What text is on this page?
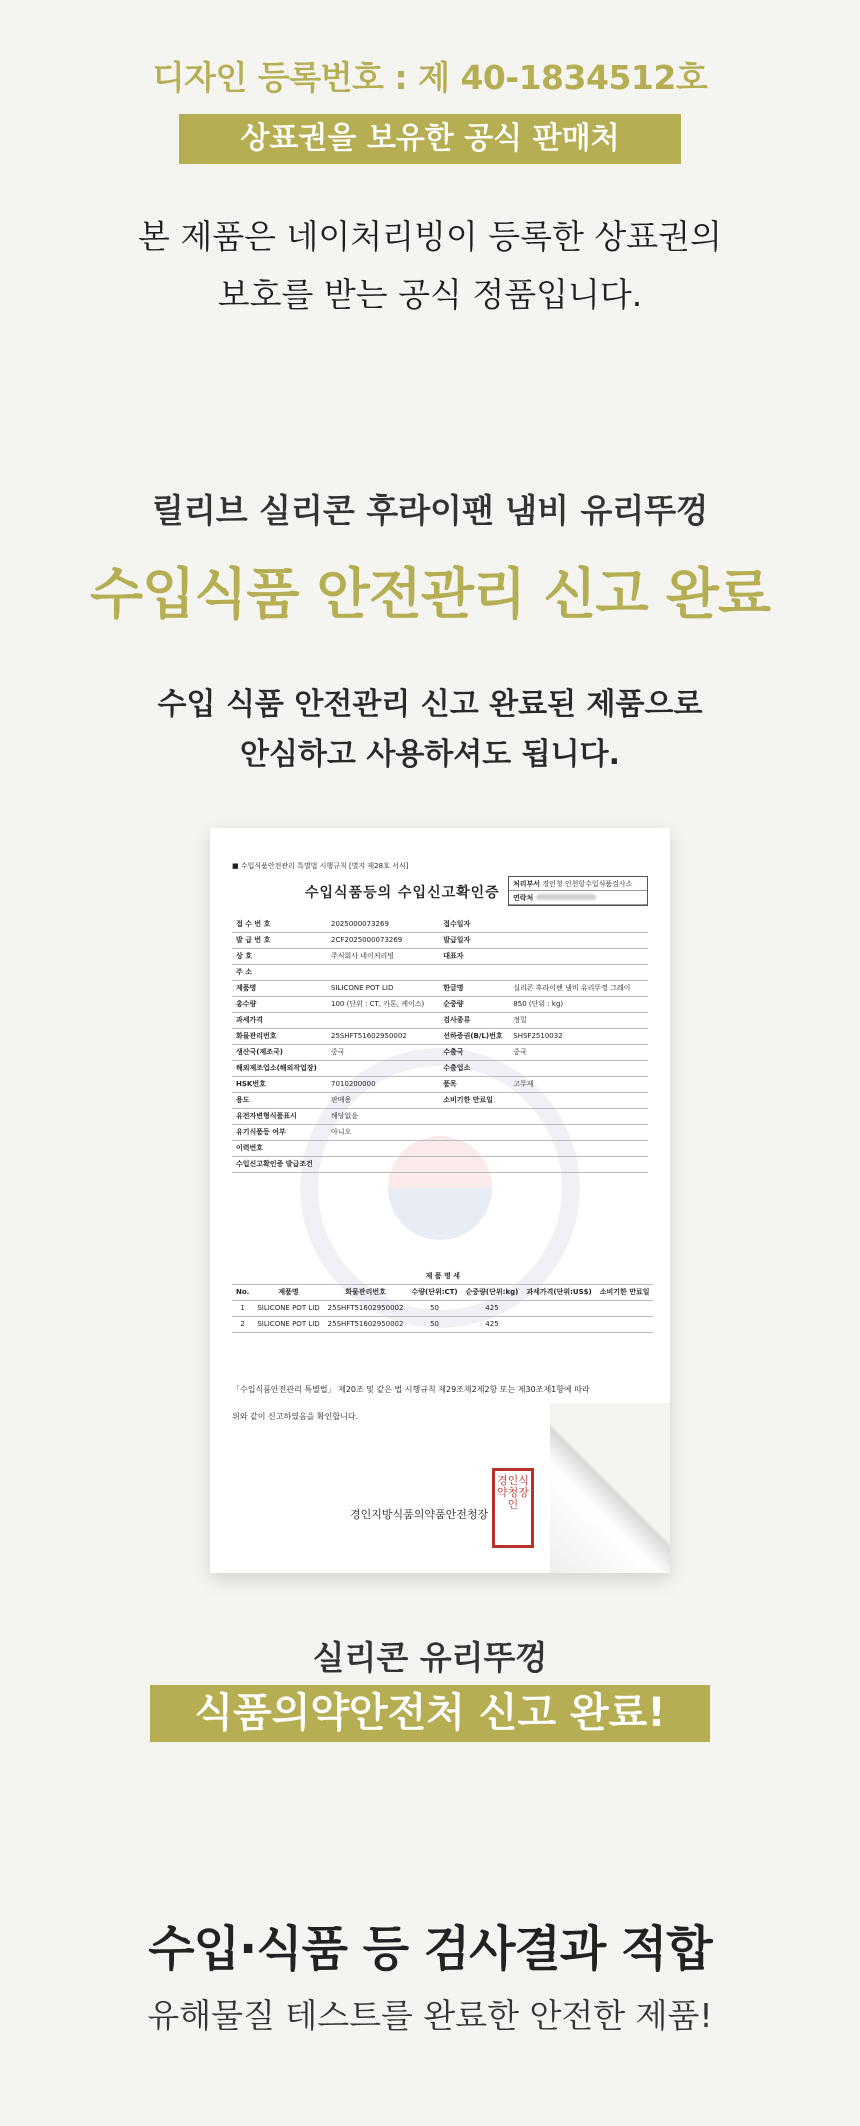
디자인 등록번호 : 제 40-1834512호
상표권을 보유한 공식 판매처
본 제품은 네이처리빙이 등록한 상표권의
보호를 받는 공식 정품입니다.
릴리브 실리콘 후라이팬 냄비 유리뚜껑
수입식품 안전관리 신고 완료
수입 식품 안전관리 신고 완료된 제품으로
안심하고 사용하셔도 됩니다.
■ 수입식품안전관리 특별법 시행규칙 [별지 제28호 서식]
수입식품등의 수입신고확인증
처리부서 경인청 인천항수입식품검사소
연락처
접 수 번 호	2025000073269	접수일자	
발 급 번 호	2CF2025000073269	발급일자	
상 호	주식회사 네이처리빙	대표자	
주 소			
제품명	SILICONE POT LID	한글명	실리콘 후라이팬 냄비 유리뚜껑 그레이
총수량	100 (단위 : CT, 카톤, 케이스)	순중량	850 (단위 : kg)
과세가격		검사종류	정밀
화물관리번호	25SHFT51602950002	선하증권(B/L)번호	SHSF2510032
생산국(제조국)	중국	수출국	중국
해외제조업소(해외작업장)		수출업소	
HSK번호	7010200000	품목	고무제
용도	판매용	소비기한 만료일	
유전자변형식품표시	해당없음		
유기식품등 여부	아니오		
이력번호			
수입신고확인증 발급조건			
제 품 명 세						
No.	제품명	화물관리번호	수량(단위:CT)	순중량(단위:kg)	과세가격(단위:US$)	소비기한 만료일
1	SILICONE POT LID	25SHFT51602950002	50	425		
2	SILICONE POT LID	25SHFT51602950002	50	425		
「수입식품안전관리 특별법」 제20조 및 같은 법 시행규칙 제29조제2제2항 또는 제30조제1항에 따라
위와 같이 신고하였음을 확인합니다.
경인지방식품의약품안전청장
경인식약청장인
실리콘 유리뚜껑
식품의약안전처 신고 완료!
수입·식품 등 검사결과 적합
유해물질 테스트를 완료한 안전한 제품!
